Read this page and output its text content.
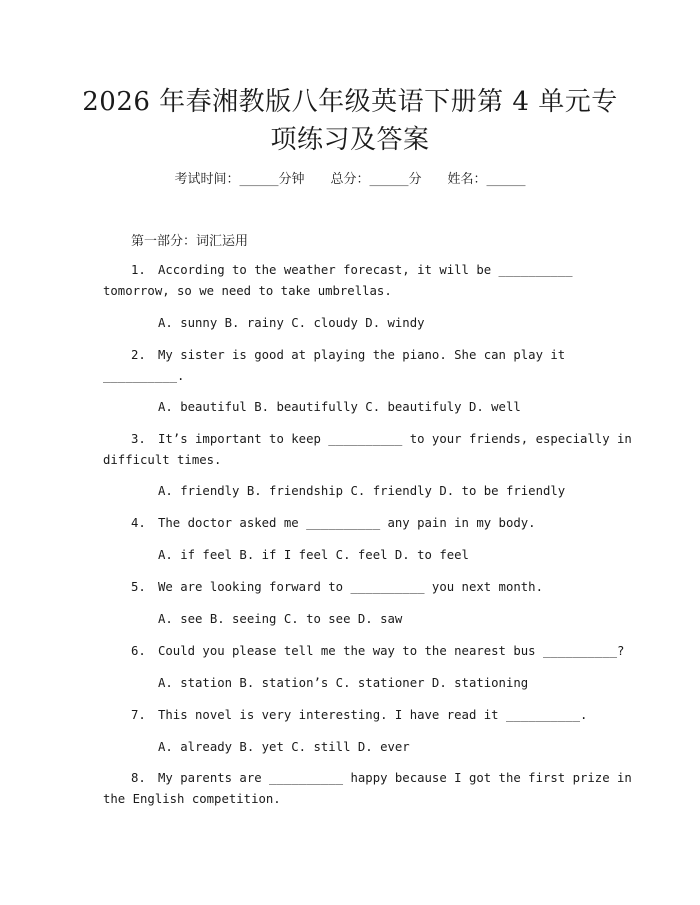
2026 年春湘教版八年级英语下册第 4 单元专
项练习及答案
考试时间：______分钟 总分：______分 姓名：______
第一部分：词汇运用
1. According to the weather forecast, it will be __________
tomorrow, so we need to take umbrellas.
A. sunny B. rainy C. cloudy D. windy
2. My sister is good at playing the piano. She can play it
__________.
A. beautiful B. beautifully C. beautifuly D. well
3. It’s important to keep __________ to your friends, especially in
difficult times.
A. friendly B. friendship C. friendly D. to be friendly
4. The doctor asked me __________ any pain in my body.
A. if feel B. if I feel C. feel D. to feel
5. We are looking forward to __________ you next month.
A. see B. seeing C. to see D. saw
6. Could you please tell me the way to the nearest bus __________?
A. station B. station’s C. stationer D. stationing
7. This novel is very interesting. I have read it __________.
A. already B. yet C. still D. ever
8. My parents are __________ happy because I got the first prize in
the English competition.
